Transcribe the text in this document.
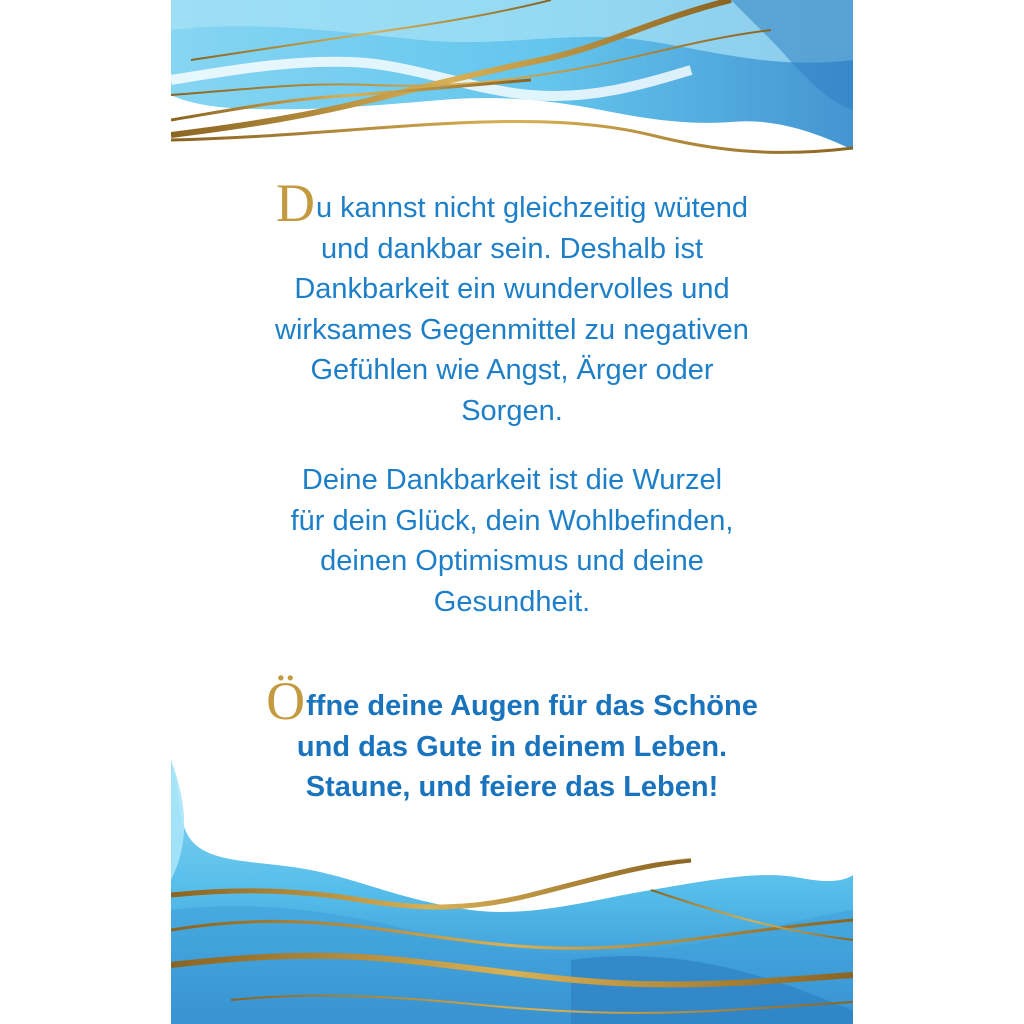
Du kannst nicht gleichzeitig wütend
und dankbar sein. Deshalb ist
Dankbarkeit ein wundervolles und
wirksames Gegenmittel zu negativen
Gefühlen wie Angst, Ärger oder
Sorgen.
Deine Dankbarkeit ist die Wurzel
für dein Glück, dein Wohlbefinden,
deinen Optimismus und deine
Gesundheit.
Öffne deine Augen für das Schöne
und das Gute in deinem Leben.
Staune, und feiere das Leben!
